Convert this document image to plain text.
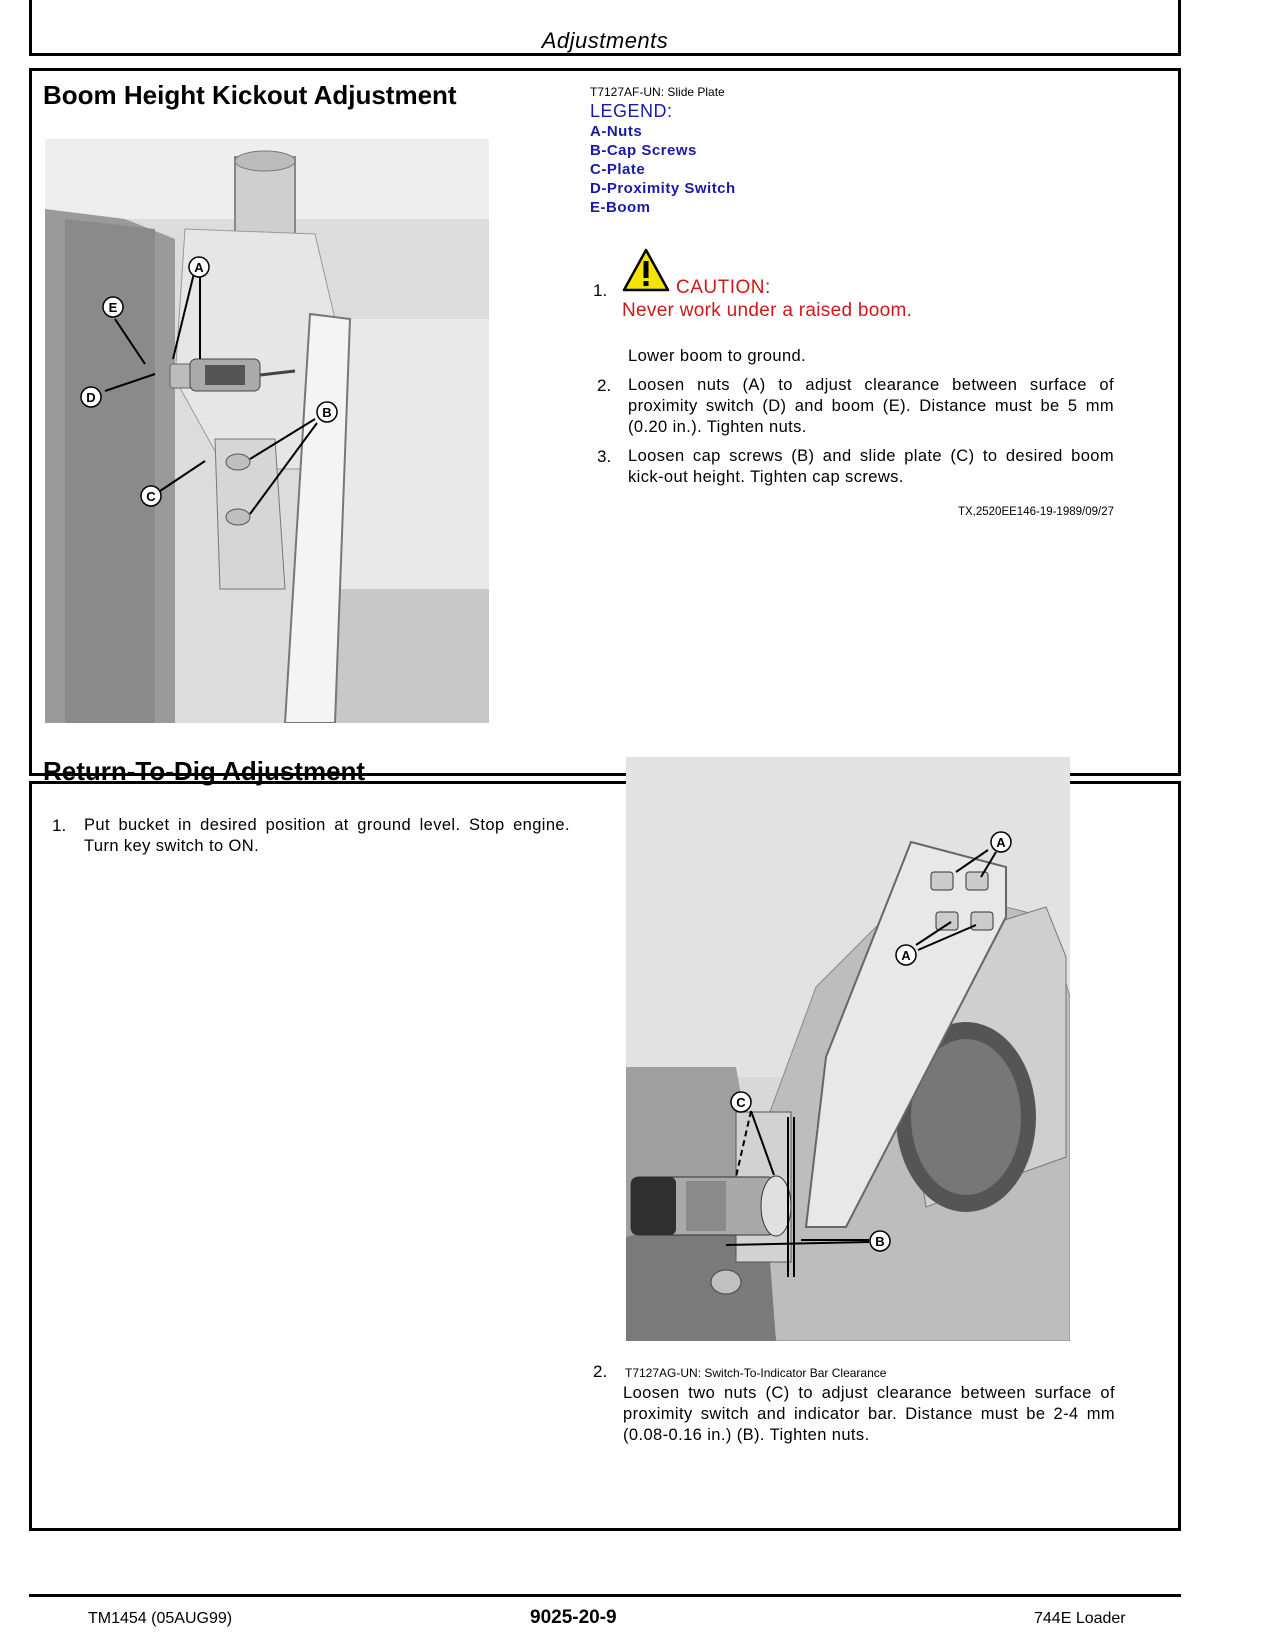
Adjustments
Boom Height Kickout Adjustment
A
B
C
D
E
T7127AF-UN: Slide Plate
LEGEND:
A-Nuts
B-Cap Screws
C-Plate
D-Proximity Switch
E-Boom
1.	CAUTION:
Never work under a raised boom.
Lower boom to ground.
2. Loosen nuts (A) to adjust clearance between surface of proximity switch (D) and boom (E). Distance must be 5 mm (0.20 in.). Tighten nuts.
3. Loosen cap screws (B) and slide plate (C) to desired boom kick-out height. Tighten cap screws.
TX,2520EE146-19-1989/09/27
Return-To-Dig Adjustment
1. Put bucket in desired position at ground level. Stop engine. Turn key switch to ON.	A
A
B
C
2. T7127AG-UN: Switch-To-Indicator Bar Clearance
Loosen two nuts (C) to adjust clearance between surface of proximity switch and indicator bar. Distance must be 2-4 mm (0.08-0.16 in.) (B). Tighten nuts.
TM1454 (05AUG99)	9025-20-9	744E Loader
